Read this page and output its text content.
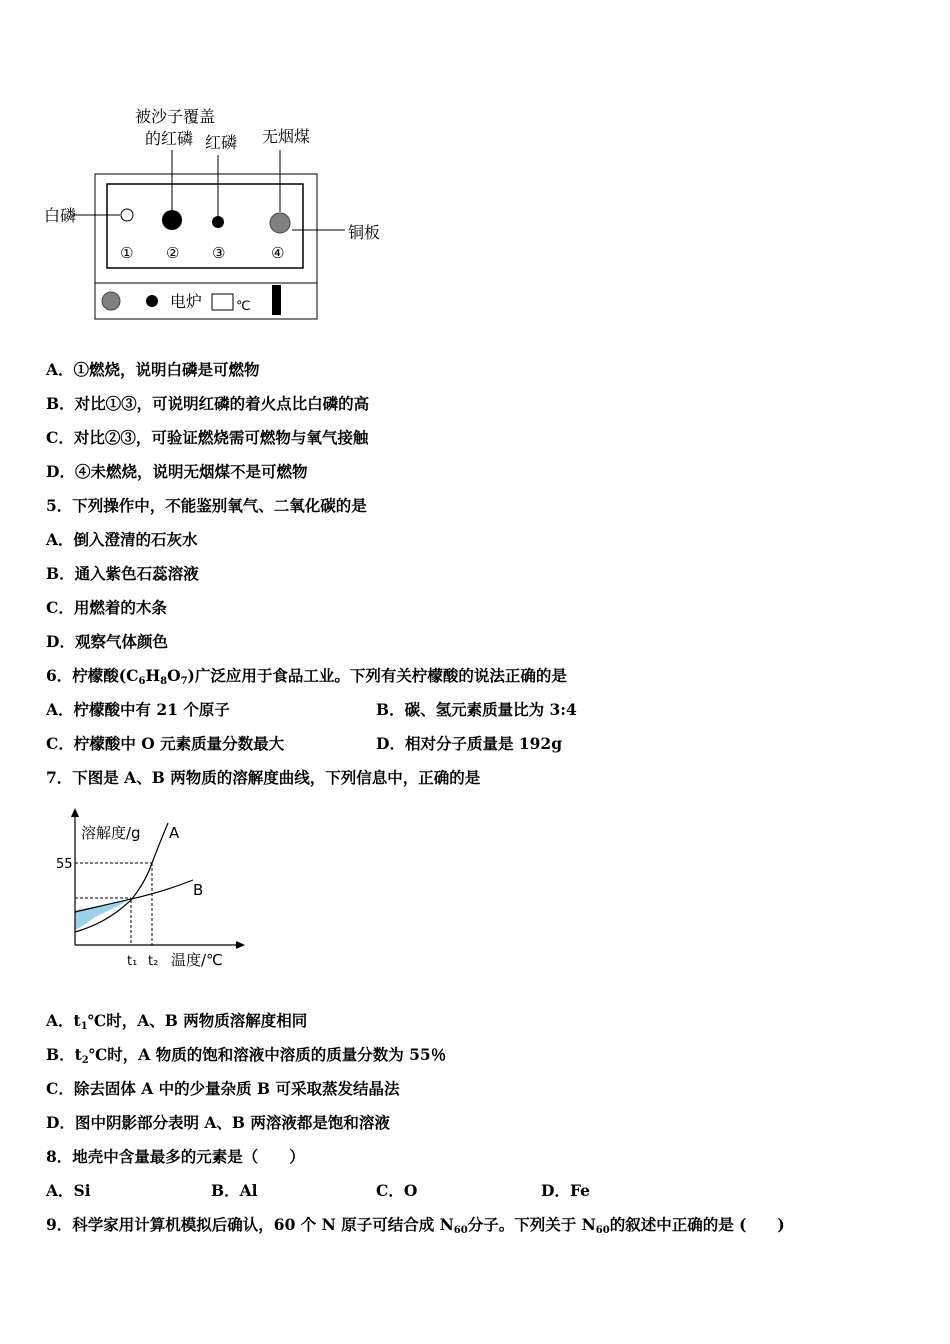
被沙子覆盖
的红磷 红磷 无烟煤
白磷
铜板
① ② ③	④
电炉	℃
A．①燃烧，说明白磷是可燃物
B．对比①③，可说明红磷的着火点比白磷的高
C．对比②③，可验证燃烧需可燃物与氧气接触
D．④未燃烧，说明无烟煤不是可燃物
5．下列操作中，不能鉴别氧气、二氧化碳的是
A．倒入澄清的石灰水
B．通入紫色石蕊溶液
C．用燃着的木条
D．观察气体颜色
6．柠檬酸$(C_6H_8O_7)$广泛应用于食品工业。下列有关柠檬酸的说法正确的是
A．柠檬酸中有 21 个原子	B．碳、氢元素质量比为 3:4
C．柠檬酸中 O 元素质量分数最大	D．相对分子质量是 192g
7．下图是 A、B 两物质的溶解度曲线，下列信息中，正确的是
溶解度/g A
B
55
t₁ t₂ 温度/℃
A．$t_1℃$时，A、B 两物质溶解度相同
B．$t_2℃$时，A 物质的饱和溶液中溶质的质量分数为 55％
C．除去固体 A 中的少量杂质 B 可采取蒸发结晶法
D．图中阴影部分表明 A、B 两溶液都是饱和溶液
8．地壳中含量最多的元素是（　　）
A．Si	B．Al	C．O	D．Fe
9．科学家用计算机模拟后确认，60 个 N 原子可结合成 $N_{60}$分子。下列关于 $N_{60}$的叙述中正确的是 (　　)
